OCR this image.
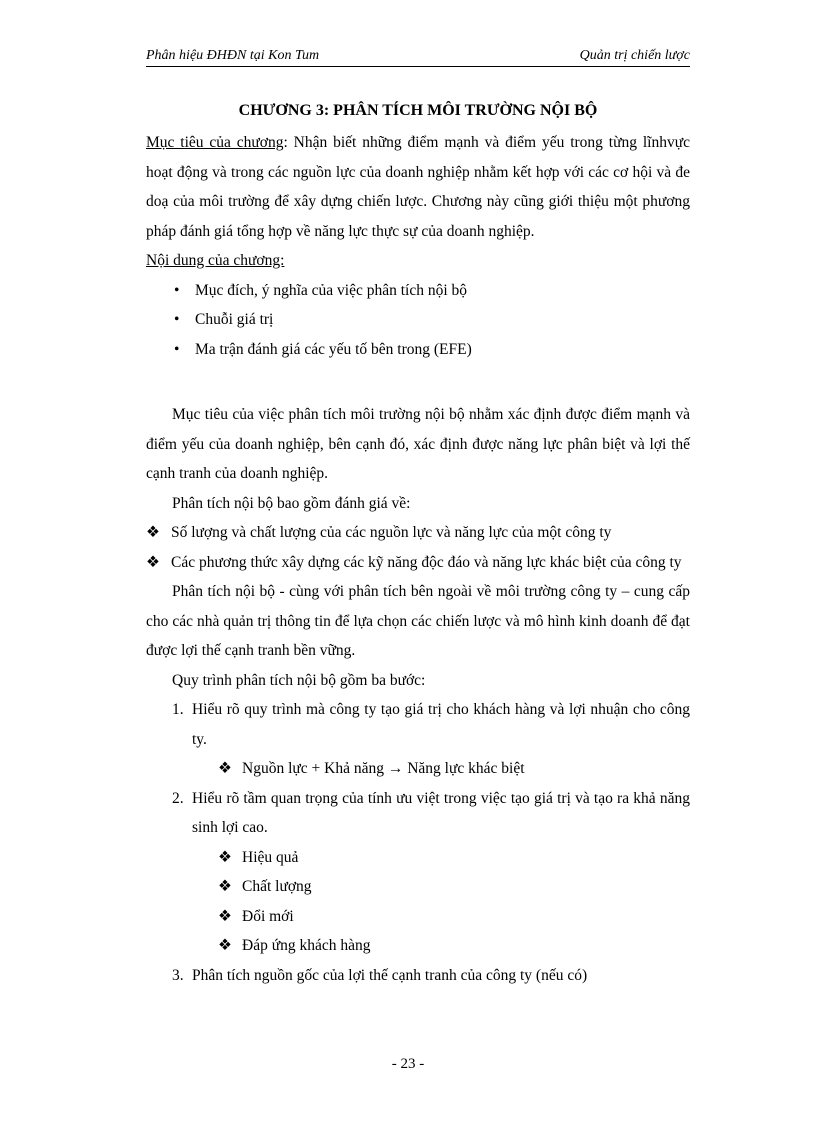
Phân hiệu ĐHĐN tại Kon Tum	Quản trị chiến lược
CHƯƠNG 3: PHÂN TÍCH MÔI TRƯỜNG NỘI BỘ

Mục tiêu của chương: Nhận biết những điểm mạnh và điểm yếu trong từng lĩnhvực hoạt động và trong các nguồn lực của doanh nghiệp nhằm kết hợp với các cơ hội và đe doạ của môi trường để xây dựng chiến lược. Chương này cũng giới thiệu một phương pháp đánh giá tổng hợp về năng lực thực sự của doanh nghiệp.

Nội dung của chương:

•	Mục đích, ý nghĩa của việc phân tích nội bộ
•	Chuỗi giá trị
•	Ma trận đánh giá các yếu tố bên trong (EFE)

Mục tiêu của việc phân tích môi trường nội bộ nhằm xác định được điểm mạnh và điểm yếu của doanh nghiệp, bên cạnh đó, xác định được năng lực phân biệt và lợi thế cạnh tranh của doanh nghiệp.

Phân tích nội bộ bao gồm đánh giá về:

❖ Số lượng và chất lượng của các nguồn lực và năng lực của một công ty
❖ Các phương thức xây dựng các kỹ năng độc đáo và năng lực khác biệt của công ty

Phân tích nội bộ - cùng với phân tích bên ngoài về môi trường công ty – cung cấp cho các nhà quản trị thông tin để lựa chọn các chiến lược và mô hình kinh doanh để đạt được lợi thế cạnh tranh bền vững.

Quy trình phân tích nội bộ gồm ba bước:

1. Hiểu rõ quy trình mà công ty tạo giá trị cho khách hàng và lợi nhuận cho công ty.
❖ Nguồn lực + Khả năng → Năng lực khác biệt
2. Hiểu rõ tầm quan trọng của tính ưu việt trong việc tạo giá trị và tạo ra khả năng sinh lợi cao.
❖ Hiệu quả
❖ Chất lượng
❖ Đổi mới
❖ Đáp ứng khách hàng
3. Phân tích nguồn gốc của lợi thế cạnh tranh của công ty (nếu có)
- 23 -
